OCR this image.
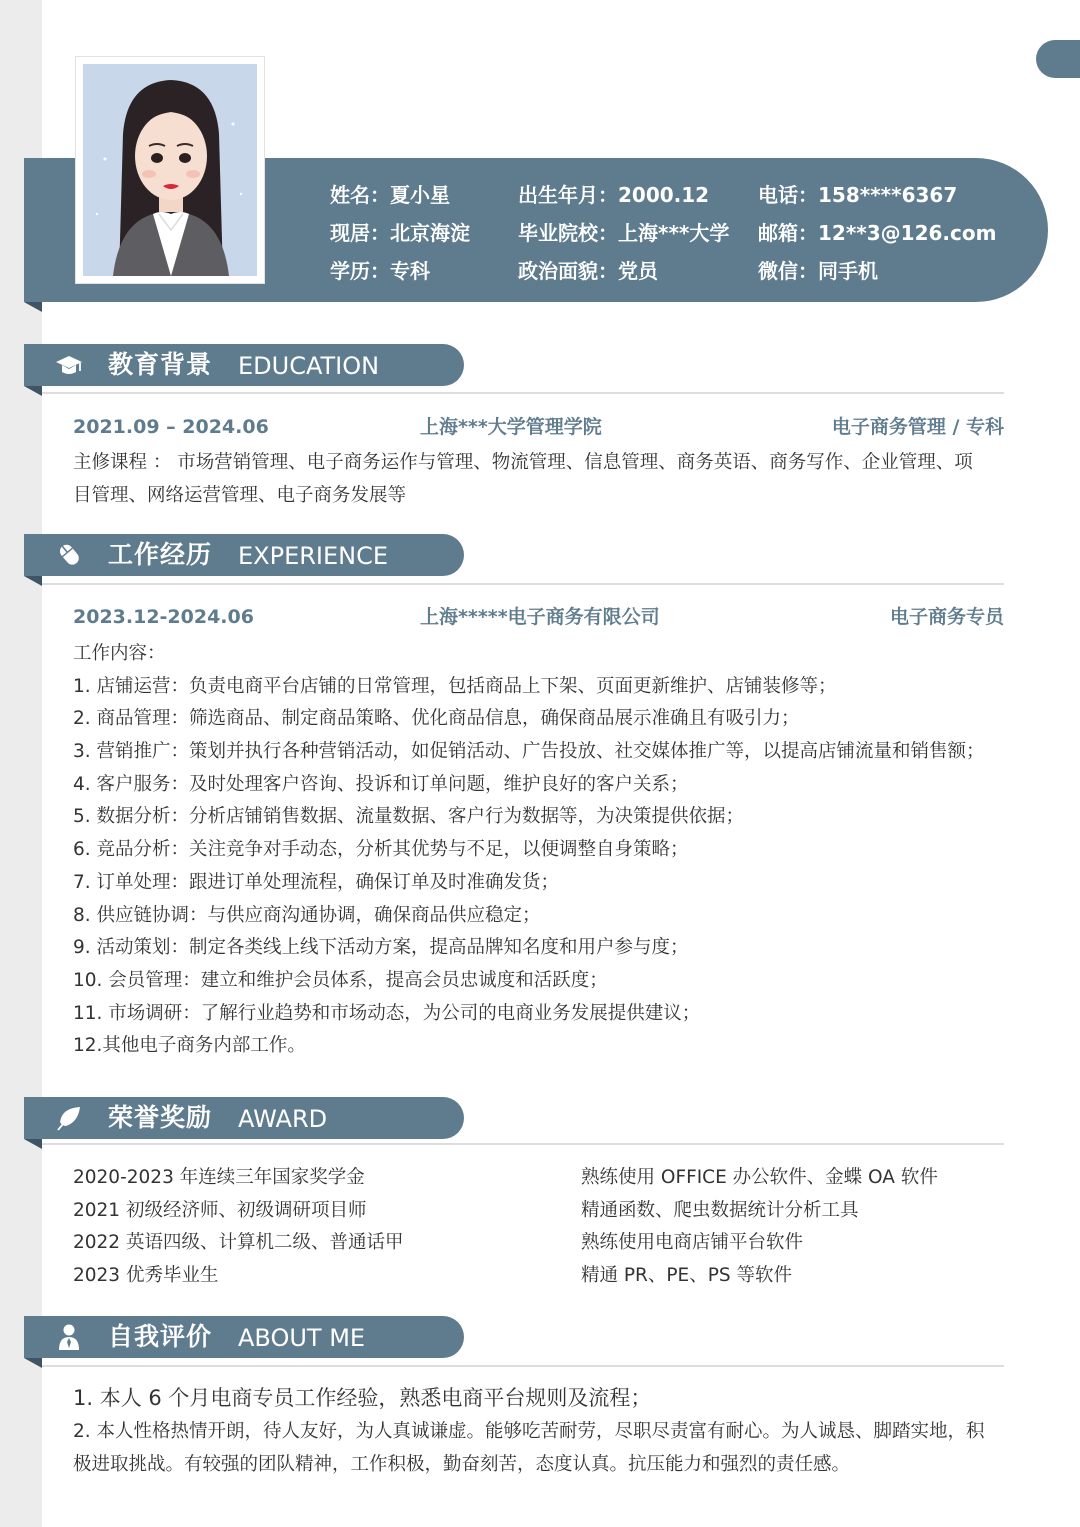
姓名：夏小星	出生年月：2000.12 电话：158****6367
现居：北京海淀 毕业院校：上海***大学 邮箱：12**3@126.com
学历：专科	政治面貌：党员	微信：同手机
教育背景 EDUCATION
2021.09 – 2024.06	上海***大学管理学院	电子商务管理 / 专科
主修课程 ： 市场营销管理、电子商务运作与管理、物流管理、信息管理、商务英语、商务写作、企业管理、项
目管理、网络运营管理、电子商务发展等
工作经历 EXPERIENCE
2023.12-2024.06	上海*****电子商务有限公司	电子商务专员
工作内容：
1. 店铺运营：负责电商平台店铺的日常管理，包括商品上下架、页面更新维护、店铺装修等；
2. 商品管理：筛选商品、制定商品策略、优化商品信息，确保商品展示准确且有吸引力；
3. 营销推广：策划并执行各种营销活动，如促销活动、广告投放、社交媒体推广等，以提高店铺流量和销售额；
4. 客户服务：及时处理客户咨询、投诉和订单问题，维护良好的客户关系；
5. 数据分析：分析店铺销售数据、流量数据、客户行为数据等，为决策提供依据；
6. 竞品分析：关注竞争对手动态，分析其优势与不足，以便调整自身策略；
7. 订单处理：跟进订单处理流程，确保订单及时准确发货；
8. 供应链协调：与供应商沟通协调，确保商品供应稳定；
9. 活动策划：制定各类线上线下活动方案，提高品牌知名度和用户参与度；
10. 会员管理：建立和维护会员体系，提高会员忠诚度和活跃度；
11. 市场调研：了解行业趋势和市场动态，为公司的电商业务发展提供建议；
12.其他电子商务内部工作。
荣誉奖励 AWARD
2020-2023 年连续三年国家奖学金
2021 初级经济师、初级调研项目师
2022 英语四级、计算机二级、普通话甲
2023 优秀毕业生
熟练使用 OFFICE 办公软件、金蝶 OA 软件
精通函数、爬虫数据统计分析工具
熟练使用电商店铺平台软件
精通 PR、PE、PS 等软件
自我评价 ABOUT ME
1. 本人 6 个月电商专员工作经验，熟悉电商平台规则及流程；
2. 本人性格热情开朗，待人友好，为人真诚谦虚。能够吃苦耐劳，尽职尽责富有耐心。为人诚恳、脚踏实地，积
极进取挑战。有较强的团队精神，工作积极，勤奋刻苦，态度认真。抗压能力和强烈的责任感。
